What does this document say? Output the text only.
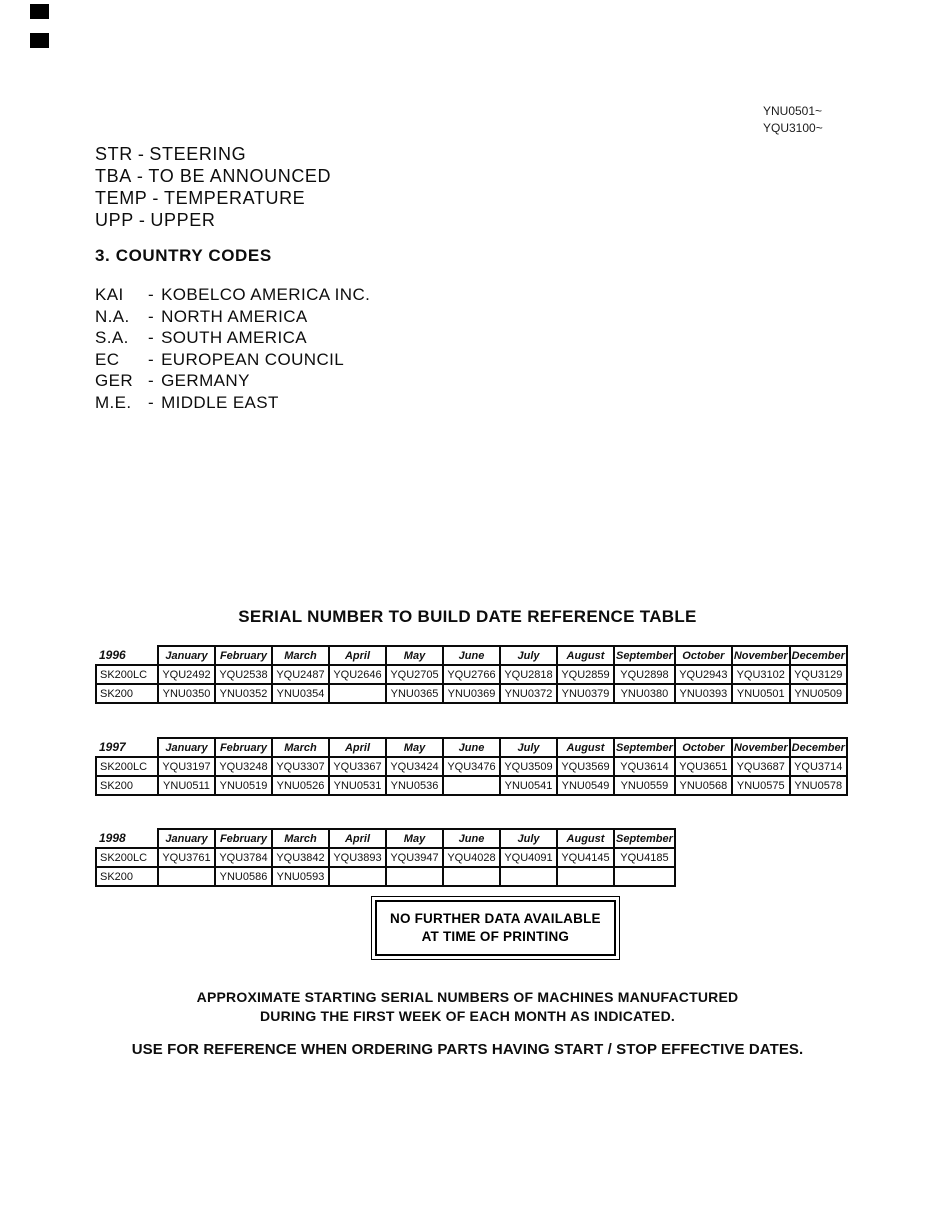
YNU0501~
YQU3100~
STR - STEERING
TBA - TO BE ANNOUNCED
TEMP - TEMPERATURE
UPP - UPPER
3. COUNTRY CODES
KAI	- KOBELCO AMERICA INC.
N.A.	- NORTH AMERICA
S.A.	- SOUTH AMERICA
EC	- EUROPEAN COUNCIL
GER - GERMANY
M.E. - MIDDLE EAST
SERIAL NUMBER TO BUILD DATE REFERENCE TABLE
1996	January	February	March	April	May	June	July	August	September	October	November	December
SK200LC	YQU2492	YQU2538	YQU2487	YQU2646	YQU2705	YQU2766	YQU2818	YQU2859	YQU2898	YQU2943	YQU3102	YQU3129
SK200	YNU0350	YNU0352	YNU0354		YNU0365	YNU0369	YNU0372	YNU0379	YNU0380	YNU0393	YNU0501	YNU0509
1997	January	February	March	April	May	June	July	August	September	October	November	December
SK200LC	YQU3197	YQU3248	YQU3307	YQU3367	YQU3424	YQU3476	YQU3509	YQU3569	YQU3614	YQU3651	YQU3687	YQU3714
SK200	YNU0511	YNU0519	YNU0526	YNU0531	YNU0536		YNU0541	YNU0549	YNU0559	YNU0568	YNU0575	YNU0578
1998	January	February	March	April	May	June	July	August	September
SK200LC	YQU3761	YQU3784	YQU3842	YQU3893	YQU3947	YQU4028	YQU4091	YQU4145	YQU4185
SK200		YNU0586	YNU0593						
NO FURTHER DATA AVAILABLE
AT TIME OF PRINTING
APPROXIMATE STARTING SERIAL NUMBERS OF MACHINES MANUFACTURED
DURING THE FIRST WEEK OF EACH MONTH AS INDICATED.
USE FOR REFERENCE WHEN ORDERING PARTS HAVING START / STOP EFFECTIVE DATES.
